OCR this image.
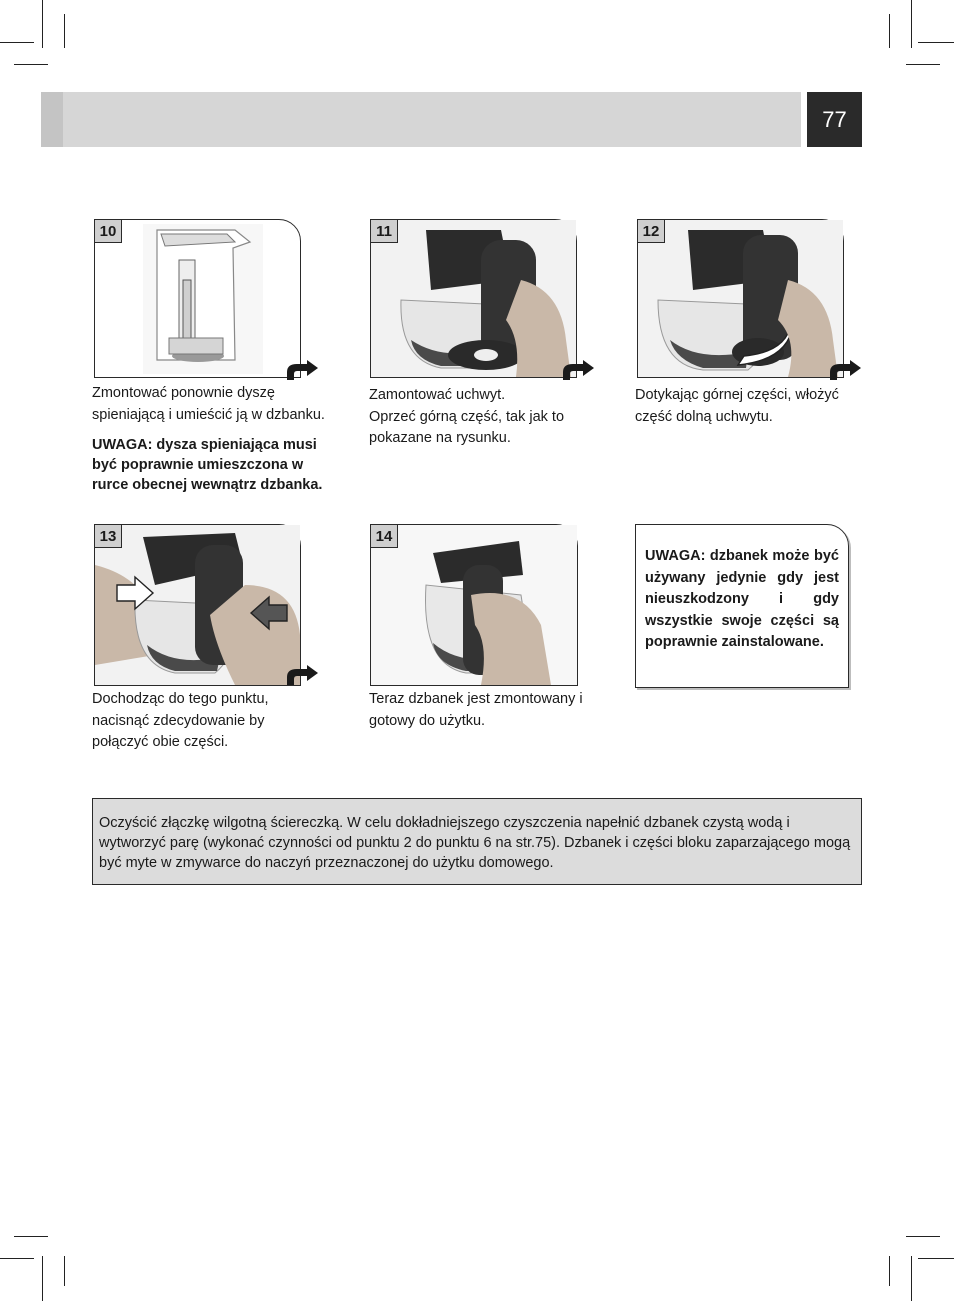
77
10

Zmontować ponownie dyszę

spieniającą i umieścić ją w dzbanku.

UWAGA: dysza spieniająca musi być poprawnie umieszczona w rurce obecnej wewnątrz dzbanka.

11

Zamontować uchwyt.

Oprzeć górną część, tak jak to pokazane na rysunku.

12

Dotykając górnej części, włożyć część dolną uchwytu.

13

Dochodząc do tego punktu, nacisnąć zdecydowanie by połączyć obie części.

14

Teraz dzbanek jest zmontowany i gotowy do użytku.

UWAGA: dzbanek może być używany jedynie gdy jest nieuszkodzony i gdy wszystkie swoje części są poprawnie zainstalowane.

Oczyścić złączkę wilgotną ściereczką. W celu dokładniejszego czyszczenia napełnić dzbanek czystą wodą i wytworzyć parę (wykonać czynności od punktu 2 do punktu 6 na str.75). Dzbanek i części bloku zaparzającego mogą być myte w zmywarce do naczyń przeznaczonej do użytku domowego.
